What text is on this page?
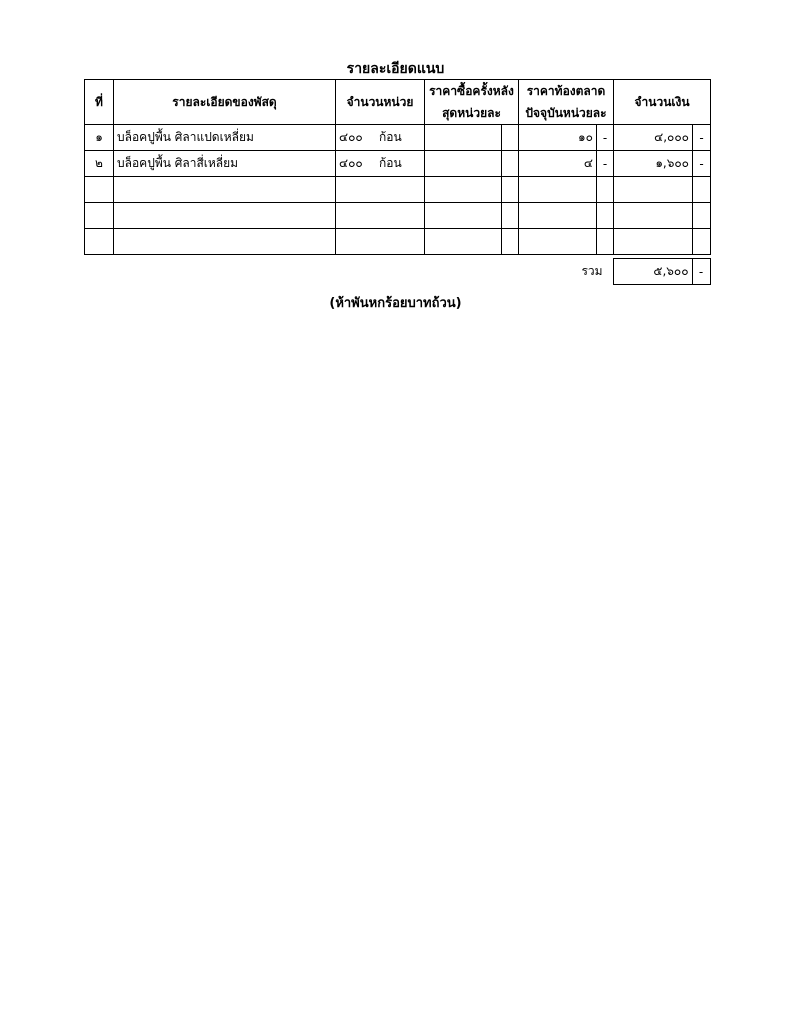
รายละเอียดแนบ
ที่	รายละเอียดของพัสดุ	จำนวนหน่วย	ราคาซื้อครั้งหลังสุดหน่วยละ		ราคาท้องตลาดปัจจุบันหน่วยละ		จำนวนเงิน	
๑	บล็อคปูพื้น ศิลาแปดเหลี่ยม	๔๐๐ ก้อน			๑๐	-	๔,๐๐๐	-
๒	บล็อคปูพื้น ศิลาสี่เหลี่ยม	๔๐๐ ก้อน			๔	-	๑,๖๐๐	-

รวม	๕,๖๐๐	-
(ห้าพันหกร้อยบาทถ้วน)
